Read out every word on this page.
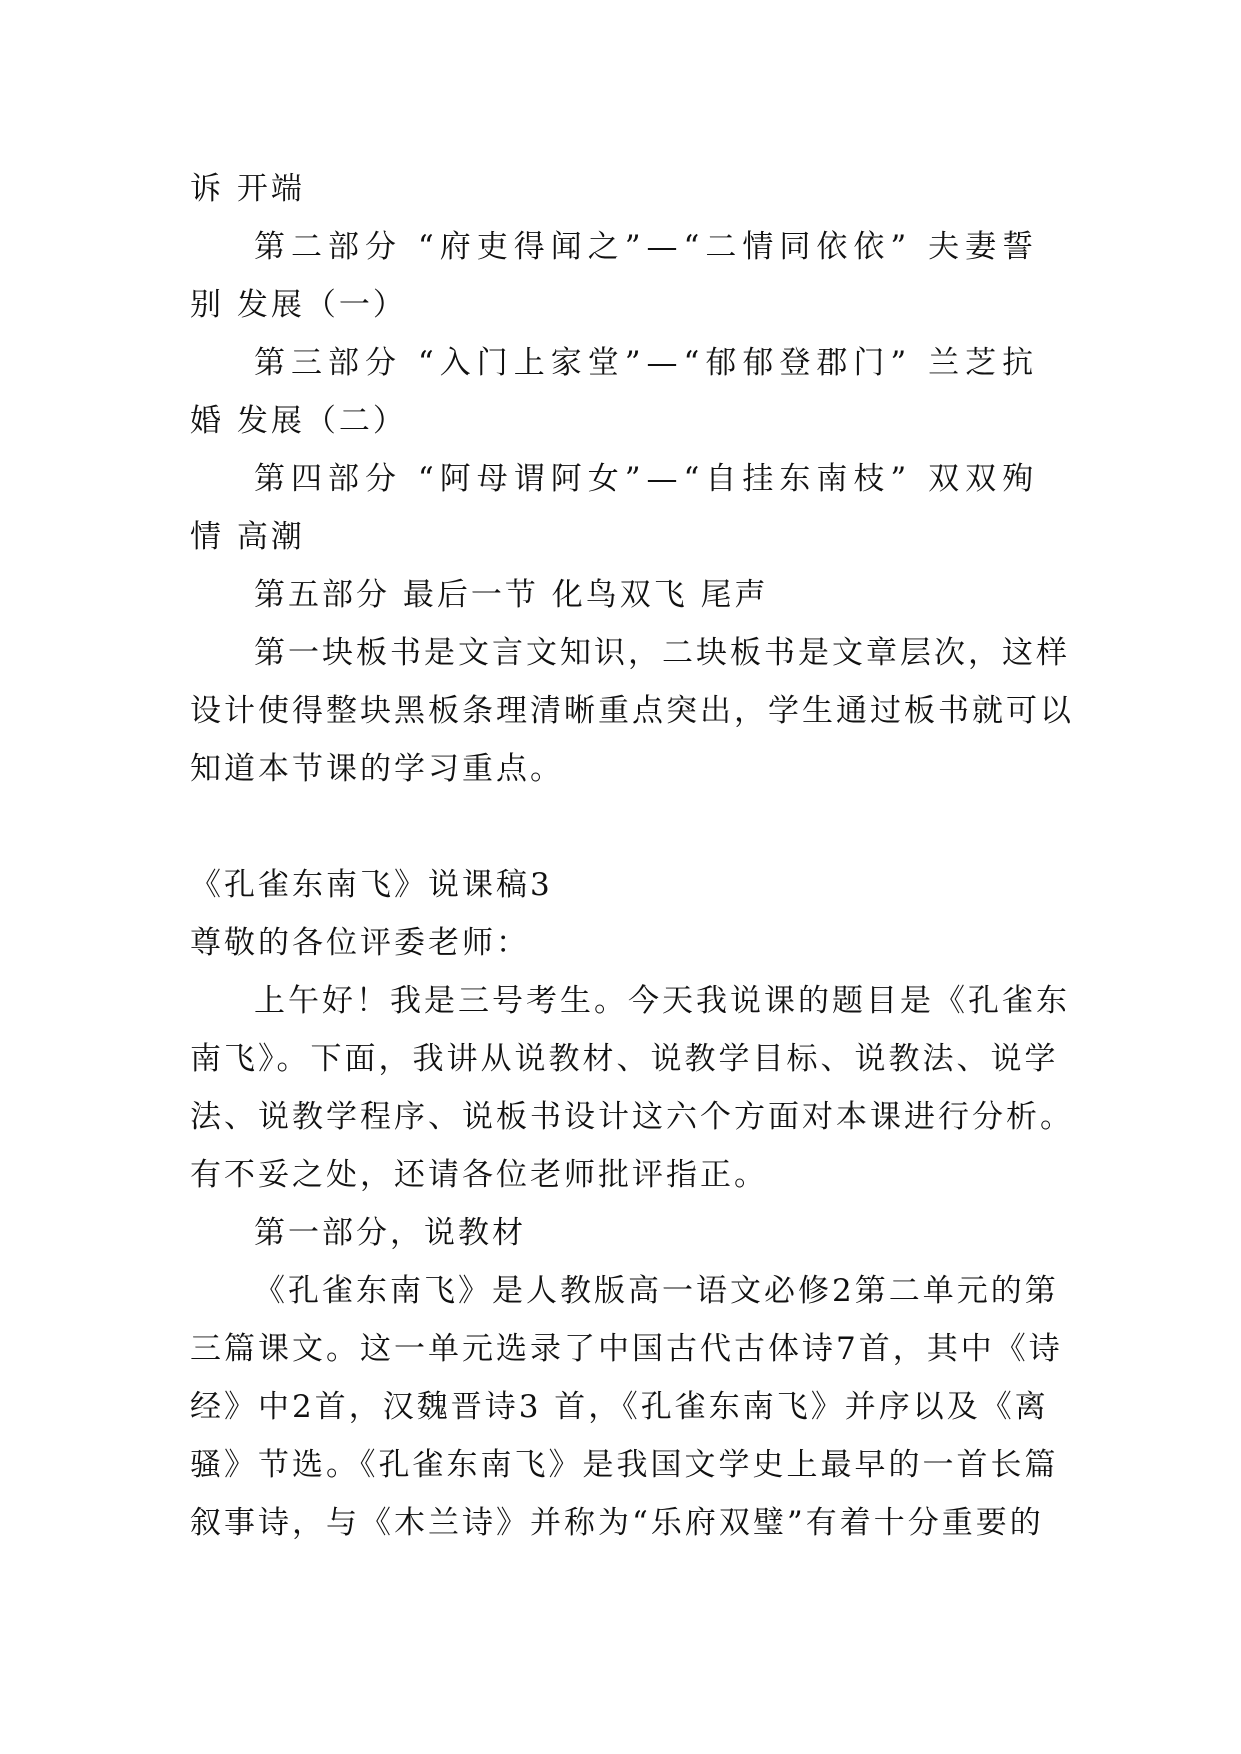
诉 开端
第二部分 “府吏得闻之”—“二情同依依” 夫妻誓
别 发展（一）
第三部分 “入门上家堂”—“郁郁登郡门” 兰芝抗
婚 发展（二）
第四部分 “阿母谓阿女”—“自挂东南枝” 双双殉
情 高潮
第五部分 最后一节 化鸟双飞 尾声
第一块板书是文言文知识，二块板书是文章层次，这样
设计使得整块黑板条理清晰重点突出，学生通过板书就可以
知道本节课的学习重点。
《孔雀东南飞》说课稿3
尊敬的各位评委老师：
上午好！我是三号考生。今天我说课的题目是《孔雀东
南飞》。下面，我讲从说教材、说教学目标、说教法、说学
法、说教学程序、说板书设计这六个方面对本课进行分析。
有不妥之处，还请各位老师批评指正。
第一部分，说教材
《孔雀东南飞》是人教版高一语文必修2第二单元的第
三篇课文。这一单元选录了中国古代古体诗7首，其中《诗
经》中2首，汉魏晋诗3 首，《孔雀东南飞》并序以及《离
骚》节选。《孔雀东南飞》是我国文学史上最早的一首长篇
叙事诗，与《木兰诗》并称为“乐府双璧”有着十分重要的
